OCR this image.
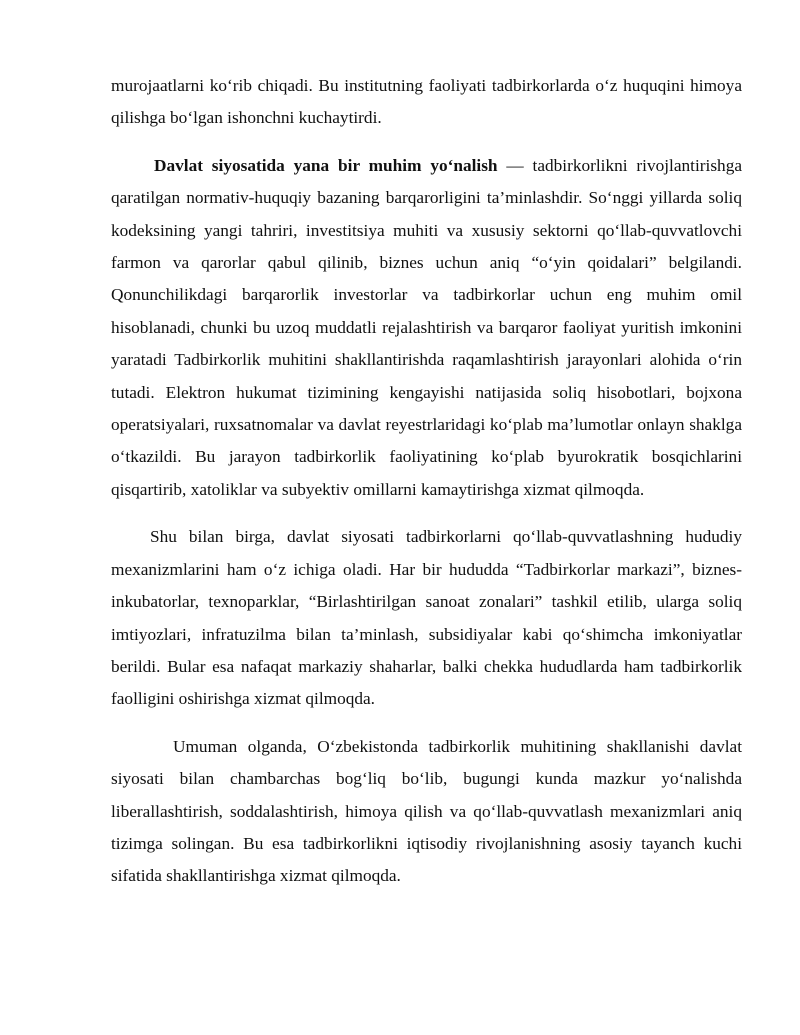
murojaatlarni ko‘rib chiqadi. Bu institutning faoliyati tadbirkorlarda o‘z huquqini himoya qilishga bo‘lgan ishonchni kuchaytirdi.

Davlat siyosatida yana bir muhim yo‘nalish — tadbirkorlikni rivojlantirishga qaratilgan normativ-huquqiy bazaning barqarorligini ta’minlashdir. So‘nggi yillarda soliq kodeksining yangi tahriri, investitsiya muhiti va xususiy sektorni qo‘llab-quvvatlovchi farmon va qarorlar qabul qilinib, biznes uchun aniq “o‘yin qoidalari” belgilandi. Qonunchilikdagi barqarorlik investorlar va tadbirkorlar uchun eng muhim omil hisoblanadi, chunki bu uzoq muddatli rejalashtirish va barqaror faoliyat yuritish imkonini yaratadi Tadbirkorlik muhitini shakllantirishda raqamlashtirish jarayonlari alohida o‘rin tutadi. Elektron hukumat tizimining kengayishi natijasida soliq hisobotlari, bojxona operatsiyalari, ruxsatnomalar va davlat reyestrlaridagi ko‘plab ma’lumotlar onlayn shaklga o‘tkazildi. Bu jarayon tadbirkorlik faoliyatining ko‘plab byurokratik bosqichlarini qisqartirib, xatoliklar va subyektiv omillarni kamaytirishga xizmat qilmoqda.

Shu bilan birga, davlat siyosati tadbirkorlarni qo‘llab-quvvatlashning hududiy mexanizmlarini ham o‘z ichiga oladi. Har bir hududda “Tadbirkorlar markazi”, biznes-inkubatorlar, texnoparklar, “Birlashtirilgan sanoat zonalari” tashkil etilib, ularga soliq imtiyozlari, infratuzilma bilan ta’minlash, subsidiyalar kabi qo‘shimcha imkoniyatlar berildi. Bular esa nafaqat markaziy shaharlar, balki chekka hududlarda ham tadbirkorlik faolligini oshirishga xizmat qilmoqda.

Umuman olganda, O‘zbekistonda tadbirkorlik muhitining shakllanishi davlat siyosati bilan chambarchas bog‘liq bo‘lib, bugungi kunda mazkur yo‘nalishda liberallashtirish, soddalashtirish, himoya qilish va qo‘llab-quvvatlash mexanizmlari aniq tizimga solingan. Bu esa tadbirkorlikni iqtisodiy rivojlanishning asosiy tayanch kuchi sifatida shakllantirishga xizmat qilmoqda.
